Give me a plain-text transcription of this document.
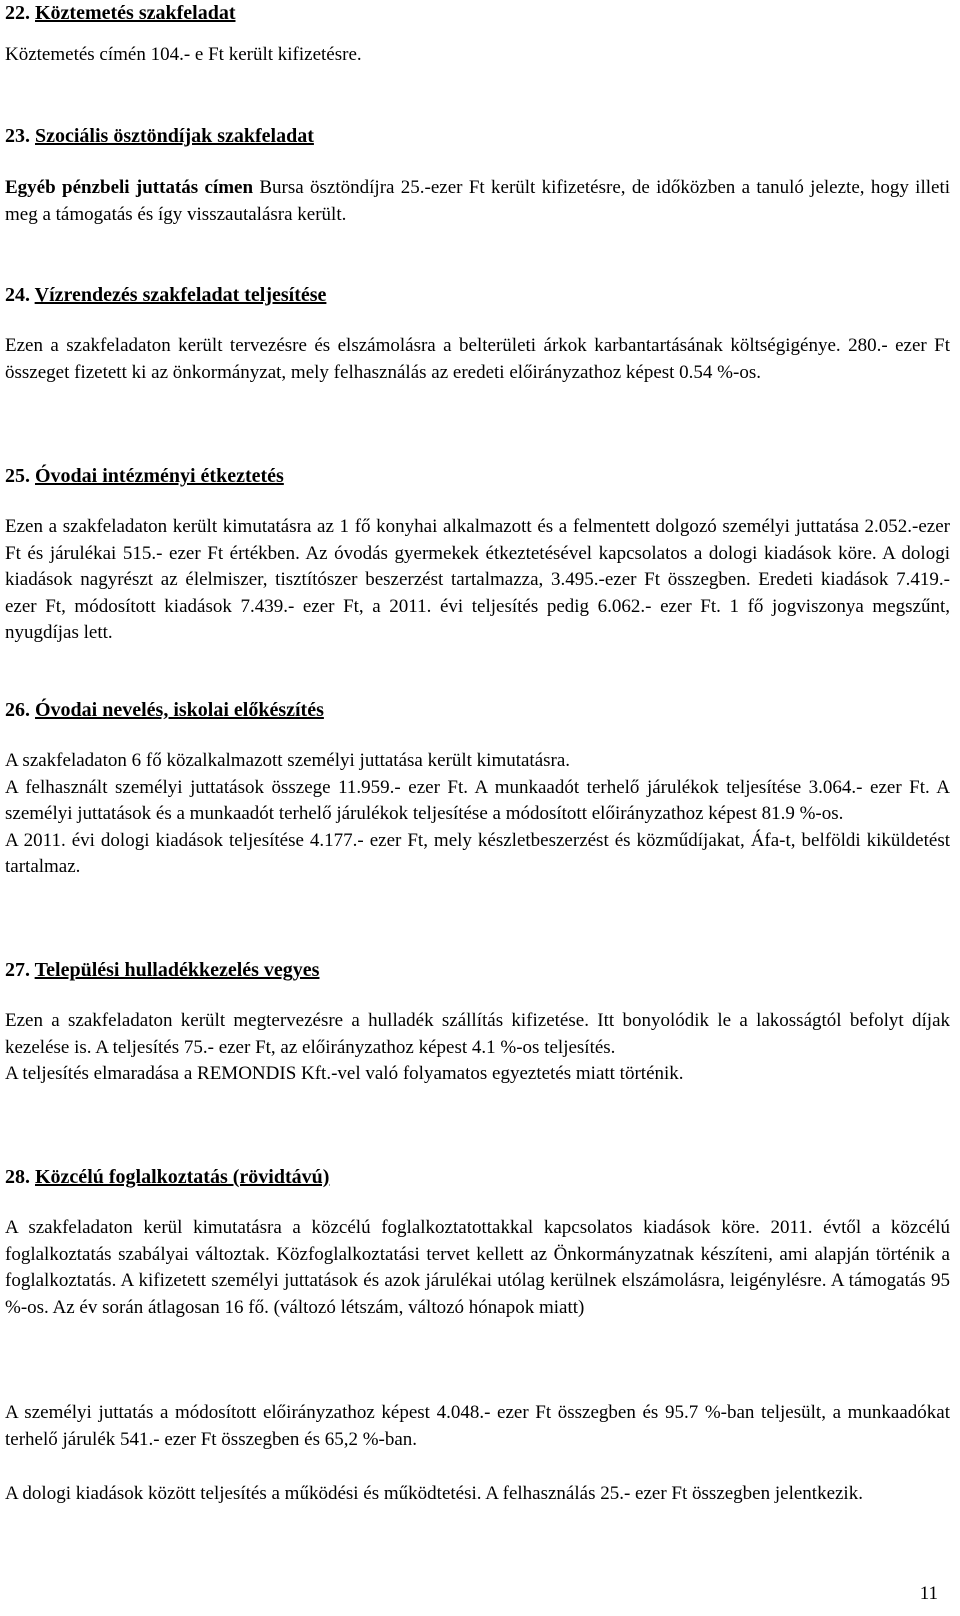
22. Köztemetés szakfeladat

Köztemetés címén 104.- e Ft került kifizetésre.

23. Szociális ösztöndíjak szakfeladat

Egyéb pénzbeli juttatás címen Bursa ösztöndíjra 25.-ezer Ft került kifizetésre, de időközben a tanuló jelezte, hogy illeti meg a támogatás és így visszautalásra került.

24. Vízrendezés szakfeladat teljesítése

Ezen a szakfeladaton került tervezésre és elszámolásra a belterületi árkok karbantartásának költségigénye. 280.- ezer Ft összeget fizetett ki az önkormányzat, mely felhasználás az eredeti előirányzathoz képest 0.54 %-os.

25. Óvodai intézményi étkeztetés

Ezen a szakfeladaton került kimutatásra az 1 fő konyhai alkalmazott és a felmentett dolgozó személyi juttatása 2.052.-ezer Ft és járulékai 515.- ezer Ft értékben. Az óvodás gyermekek étkeztetésével kapcsolatos a dologi kiadások köre. A dologi kiadások nagyrészt az élelmiszer, tisztítószer beszerzést tartalmazza, 3.495.-ezer Ft összegben. Eredeti kiadások 7.419.- ezer Ft, módosított kiadások 7.439.- ezer Ft, a 2011. évi teljesítés pedig 6.062.- ezer Ft. 1 fő jogviszonya megszűnt, nyugdíjas lett.

26. Óvodai nevelés, iskolai előkészítés

A szakfeladaton 6 fő közalkalmazott személyi juttatása került kimutatásra.

A felhasznált személyi juttatások összege 11.959.- ezer Ft. A munkaadót terhelő járulékok teljesítése 3.064.- ezer Ft. A személyi juttatások és a munkaadót terhelő járulékok teljesítése a módosított előirányzathoz képest 81.9 %-os.

A 2011. évi dologi kiadások teljesítése 4.177.- ezer Ft, mely készletbeszerzést és közműdíjakat, Áfa-t, belföldi kiküldetést tartalmaz.

27. Települési hulladékkezelés vegyes

Ezen a szakfeladaton került megtervezésre a hulladék szállítás kifizetése. Itt bonyolódik le a lakosságtól befolyt díjak kezelése is. A teljesítés 75.- ezer Ft, az előirányzathoz képest 4.1 %-os teljesítés.

A teljesítés elmaradása a REMONDIS Kft.-vel való folyamatos egyeztetés miatt történik.

28. Közcélú foglalkoztatás (rövidtávú)

A szakfeladaton kerül kimutatásra a közcélú foglalkoztatottakkal kapcsolatos kiadások köre. 2011. évtől a közcélú foglalkoztatás szabályai változtak. Közfoglalkoztatási tervet kellett az Önkormányzatnak készíteni, ami alapján történik a foglalkoztatás. A kifizetett személyi juttatások és azok járulékai utólag kerülnek elszámolásra, leigénylésre. A támogatás 95 %-os. Az év során átlagosan 16 fő. (változó létszám, változó hónapok miatt)

A személyi juttatás a módosított előirányzathoz képest 4.048.- ezer Ft összegben és 95.7 %-ban teljesült, a munkaadókat terhelő járulék 541.- ezer Ft összegben és 65,2 %-ban.

A dologi kiadások között teljesítés a működési és működtetési. A felhasználás 25.- ezer Ft összegben jelentkezik.

11
